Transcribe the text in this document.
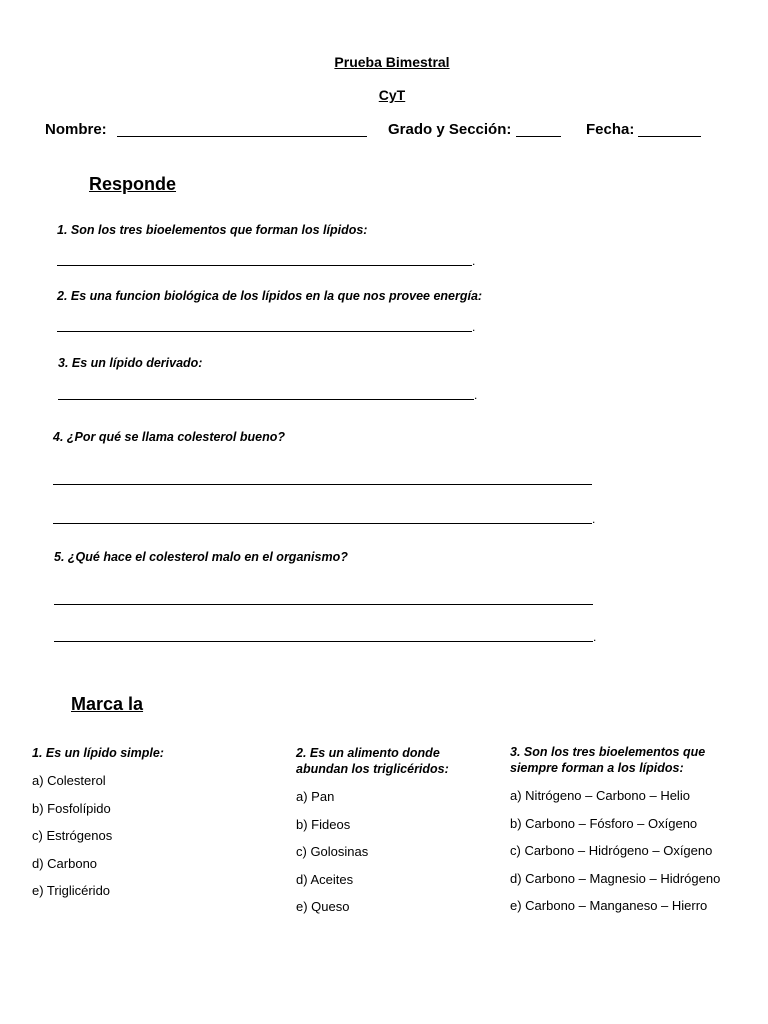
Prueba Bimestral
CyT
Nombre:	Grado y Sección:	Fecha:
Responde
1. Son los tres bioelementos que forman los lípidos:
.
2. Es una funcion biológica de los lípidos en la que nos provee energía:
.
3. Es un lípido derivado:
.
4. ¿Por qué se llama colesterol bueno?
.
5. ¿Qué hace el colesterol malo en el organismo?
.
Marca la
1. Es un lípido simple:
a) Colesterol
b) Fosfolípido
c) Estrógenos
d) Carbono
e) Triglicérido
2. Es un alimento donde abundan los triglicéridos:
a) Pan
b) Fideos
c) Golosinas
d) Aceites
e) Queso
3. Son los tres bioelementos que siempre forman a los lípidos:
a) Nitrógeno – Carbono – Helio
b) Carbono – Fósforo – Oxígeno
c) Carbono – Hidrógeno – Oxígeno
d) Carbono – Magnesio – Hidrógeno
e) Carbono – Manganeso – Hierro
